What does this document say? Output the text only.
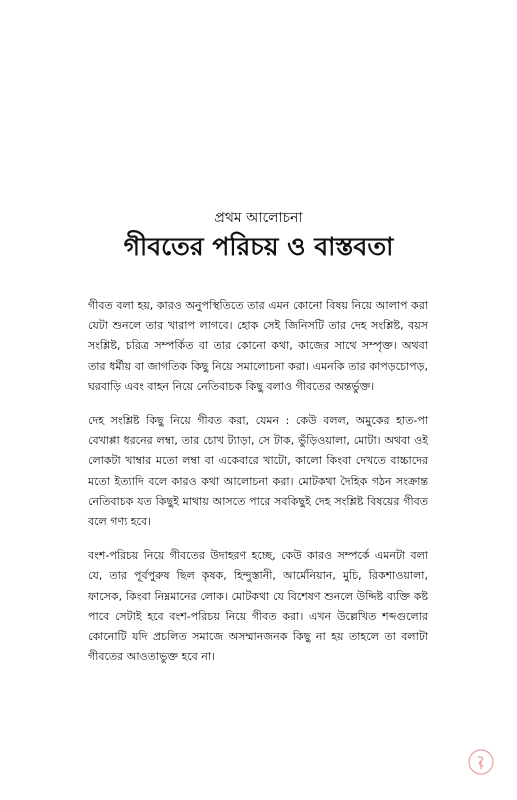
প্রথম আলোচনা
গীবতের পরিচয় ও বাস্তবতা

গীবত বলা হয়, কারও অনুপস্থিতিতে তার এমন কোনো বিষয় নিয়ে আলাপ করা যেটা শুনলে তার খারাপ লাগবে। হোক সেই জিনিসটি তার দেহ সংশ্লিষ্ট, বয়স সংশ্লিষ্ট, চরিত্র সম্পর্কিত বা তার কোনো কথা, কাজের সাথে সম্পৃক্ত। অথবা তার ধর্মীয় বা জাগতিক কিছু নিয়ে সমালোচনা করা। এমনকি তার কাপড়চোপড়, ঘরবাড়ি এবং বাহন নিয়ে নেতিবাচক কিছু বলাও গীবতের অন্তর্ভুক্ত।

দেহ সংশ্লিষ্ট কিছু নিয়ে গীবত করা, যেমন : কেউ বলল, অমুকের হাত-পা বেখাপ্পা ধরনের লম্বা, তার চোখ ট্যাড়া, সে টাক, ভুঁড়িওয়ালা, মোটা। অথবা ওই লোকটা খাম্বার মতো লম্বা বা একেবারে খাটো, কালো কিংবা দেখতে বাচ্চাদের মতো ইত্যাদি বলে কারও কথা আলোচনা করা। মোটকথা দৈহিক গঠন সংক্রান্ত নেতিবাচক যত কিছুই মাথায় আসতে পারে সবকিছুই দেহ সংশ্লিষ্ট বিষয়ের গীবত বলে গণ্য হবে।

বংশ-পরিচয় নিয়ে গীবতের উদাহরণ হচ্ছে, কেউ কারও সম্পর্কে এমনটা বলা যে, তার পূর্বপুরুষ ছিল কৃষক, হিন্দুস্তানী, আর্মেনিয়ান, মুচি, রিকশাওয়ালা, ফাসেক, কিংবা নিম্নমানের লোক। মোটকথা যে বিশেষণ শুনলে উদ্দিষ্ট ব্যক্তি কষ্ট পাবে সেটাই হবে বংশ-পরিচয় নিয়ে গীবত করা। এখন উল্লেখিত শব্দগুলোর কোনোটি যদি প্রচলিত সমাজে অসম্মানজনক কিছু না হয় তাহলে তা বলাটা গীবতের আওতাভুক্ত হবে না।
